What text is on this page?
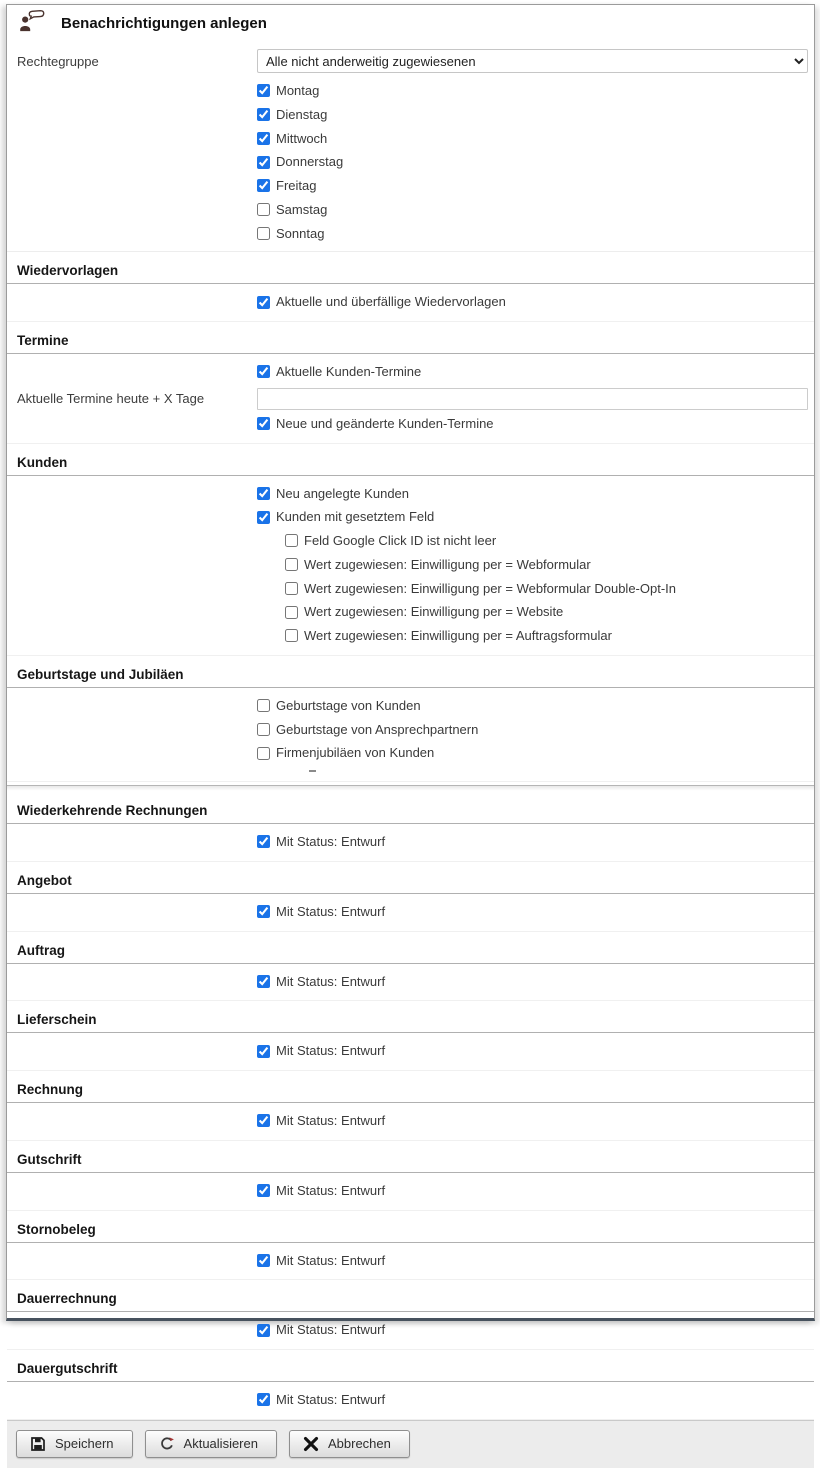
Benachrichtigungen anlegen
Rechtegruppe
Alle nicht anderweitig zugewiesenen
Montag
Dienstag
Mittwoch
Donnerstag
Freitag
Samstag
Sonntag
Wiedervorlagen
Aktuelle und überfällige Wiedervorlagen
Termine
Aktuelle Kunden-Termine
Aktuelle Termine heute + X Tage
Neue und geänderte Kunden-Termine
Kunden
Neu angelegte Kunden
Kunden mit gesetztem Feld
Feld Google Click ID ist nicht leer
Wert zugewiesen: Einwilligung per = Webformular
Wert zugewiesen: Einwilligung per = Webformular Double-Opt-In
Wert zugewiesen: Einwilligung per = Website
Wert zugewiesen: Einwilligung per = Auftragsformular
Geburtstage und Jubiläen
Geburtstage von Kunden
Geburtstage von Ansprechpartnern
Firmenjubiläen von Kunden
Wiederkehrende Rechnungen
Mit Status: Entwurf
Angebot
Mit Status: Entwurf
Auftrag
Mit Status: Entwurf
Lieferschein
Mit Status: Entwurf
Rechnung
Mit Status: Entwurf
Gutschrift
Mit Status: Entwurf
Stornobeleg
Mit Status: Entwurf
Dauerrechnung
Mit Status: Entwurf
Dauergutschrift
Mit Status: Entwurf
Speichern	Aktualisieren	Abbrechen
